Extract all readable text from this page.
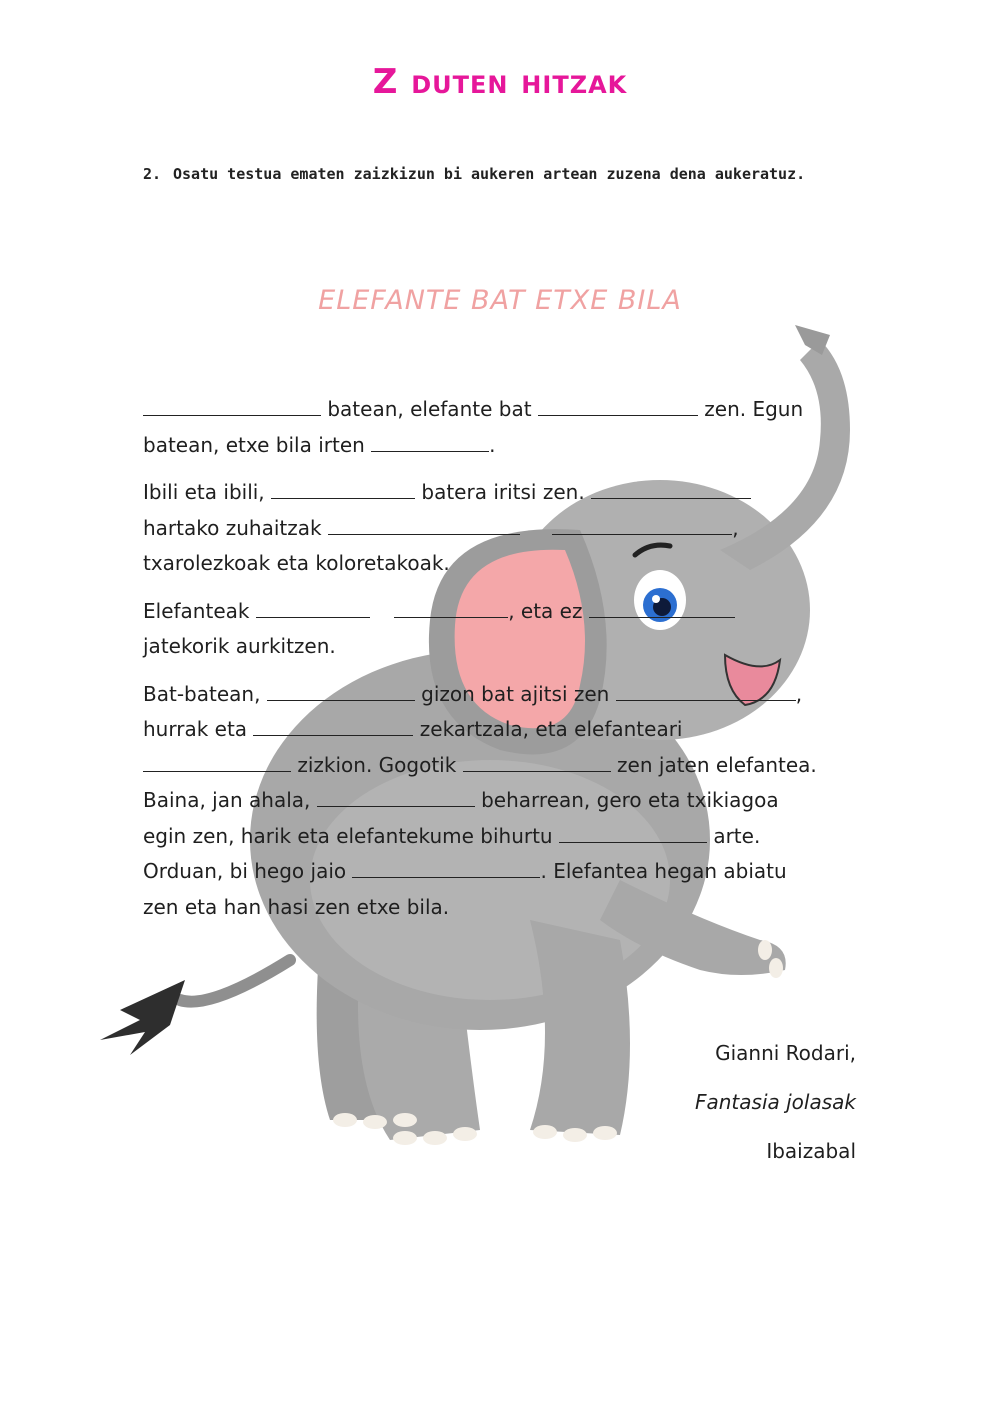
Z duten hitzak
2. Osatu testua ematen zaizkizun bi aukeren artean zuzena dena aukeratuz.
ELEFANTE BAT ETXE BILA

batean, elefante bat	zen. Egun
batean, etxe bila irten	.

Ibili eta ibili,	batera iritsi zen.
hartako zuhaitzak	,
txarolezkoak eta koloretakoak.

Elefanteak	, eta ez
jatekorik aurkitzen.

Bat-batean,	gizon bat ajitsi zen	,
hurrak eta	zekartzala, eta elefanteari
zizkion. Gogotik	zen jaten elefantea.
Baina, jan ahala,	beharrean, gero eta txikiagoa
egin zen, harik eta elefantekume bihurtu	arte.
Orduan, bi hego jaio	. Elefantea hegan abiatu
zen eta han hasi zen etxe bila.

Gianni Rodari,
Fantasia jolasak
Ibaizabal
